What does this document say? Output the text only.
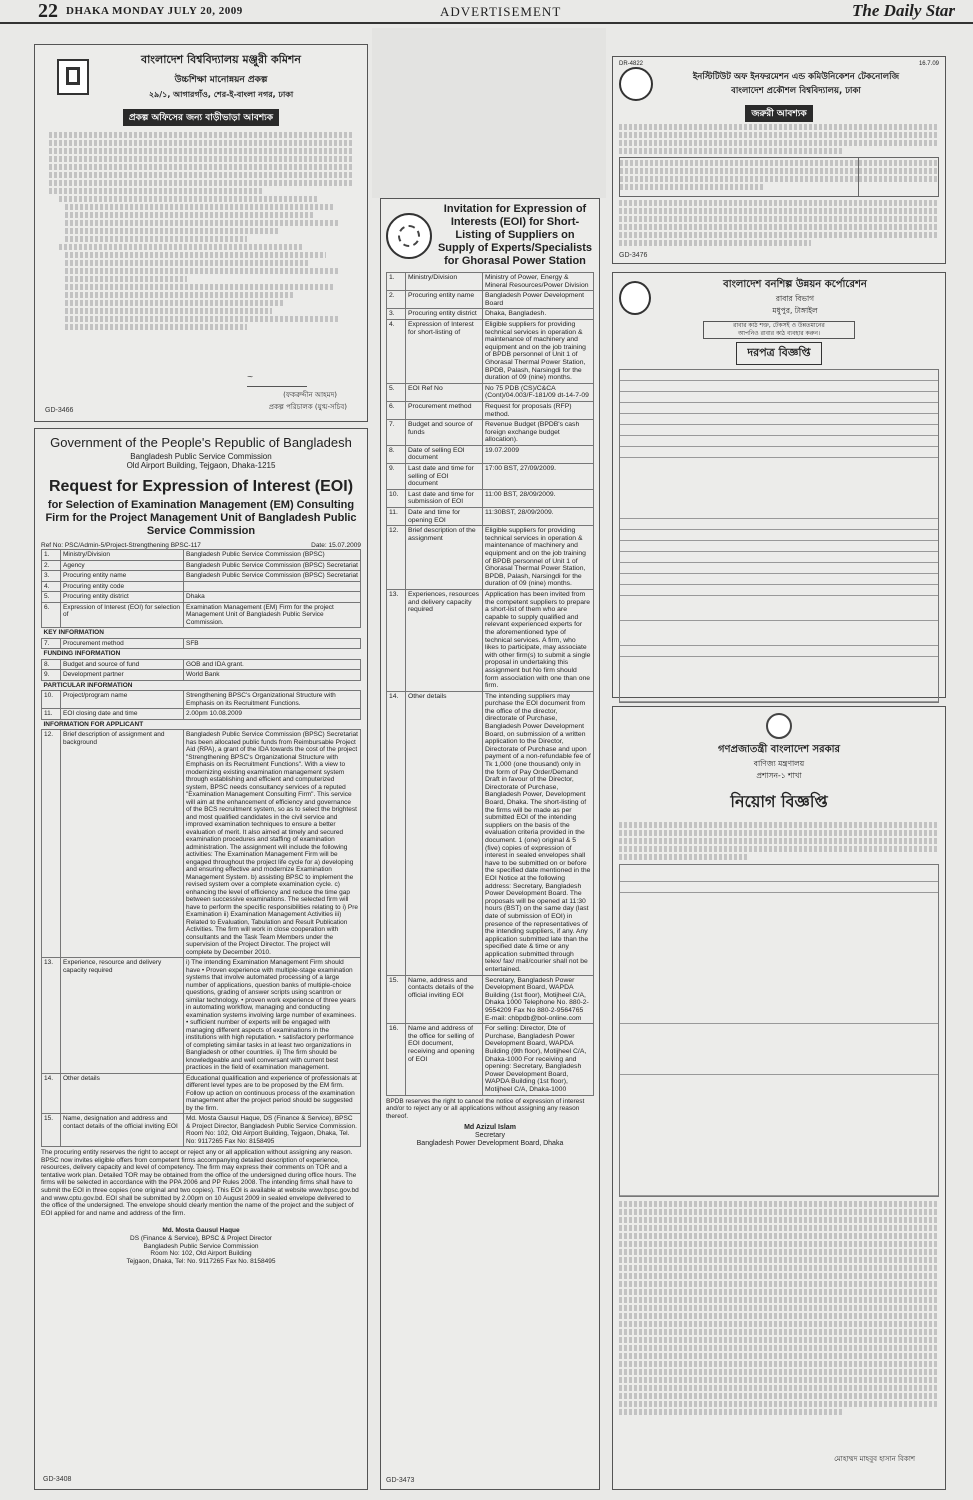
22 DHAKA MONDAY JULY 20, 2009	ADVERTISEMENT	The Daily Star
বাংলাদেশ বিশ্ববিদ্যালয় মঞ্জুরী কমিশন
উচ্চশিক্ষা মানোন্নয়ন প্রকল্প
২৯/১, আগারগাঁও, শের-ই-বাংলা নগর, ঢাকা
প্রকল্প অফিসের জন্য বাড়ীভাড়া আবশ্যক
~
(ফকরুদ্দীন আহমদ)
প্রকল্প পরিচালক (যুগ্ম-সচিব)
GD-3466
Government of the People's Republic of Bangladesh
Bangladesh Public Service Commission
Old Airport Building, Tejgaon, Dhaka-1215
Request for Expression of Interest (EOI)
for Selection of Examination Management (EM) Consulting Firm for the Project Management Unit of Bangladesh Public Service Commission
Ref No: PSC/Admin-5/Project-Strengthening BPSC-117	Date: 15.07.2009
1.	Ministry/Division	Bangladesh Public Service Commission (BPSC)
2.	Agency	Bangladesh Public Service Commission (BPSC) Secretariat
3.	Procuring entity name	Bangladesh Public Service Commission (BPSC) Secretariat
4.	Procuring entity code	
5.	Procuring entity district	Dhaka
6.	Expression of Interest (EOI) for selection of	Examination Management (EM) Firm for the project Management Unit of Bangladesh Public Service Commission.
KEY INFORMATION		
7.	Procurement method	SFB
FUNDING INFORMATION		
8.	Budget and source of fund	GOB and IDA grant.
9.	Development partner	World Bank
PARTICULAR INFORMATION		
10.	Project/program name	Strengthening BPSC's Organizational Structure with Emphasis on its Recruitment Functions.
11.	EOI closing date and time	2.00pm 10.08.2009
INFORMATION FOR APPLICANT		
12.	Brief description of assignment and background	Bangladesh Public Service Commission (BPSC) Secretariat has been allocated public funds from Reimbursable Project Aid (RPA), a grant of the IDA towards the cost of the project "Strengthening BPSC's Organizational Structure with Emphasis on its Recruitment Functions". With a view to modernizing existing examination management system through establishing and efficient and computerized system, BPSC needs consultancy services of a reputed "Examination Management Consulting Firm". This service will aim at the enhancement of efficiency and governance of the BCS recruitment system, so as to select the brightest and most qualified candidates in the civil service and improved examination techniques to ensure a better evaluation of merit. It also aimed at timely and secured examination procedures and staffing of examination administration. The assignment will include the following activities: The Examination Management Firm will be engaged throughout the project life cycle for a) developing and ensuring effective and modernize Examination Management System. b) assisting BPSC to implement the revised system over a complete examination cycle. c) enhancing the level of efficiency and reduce the time gap between successive examinations. The selected firm will have to perform the specific responsibilities relating to i) Pre Examination ii) Examination Management Activities iii) Related to Evaluation, Tabulation and Result Publication Activities. The firm will work in close cooperation with consultants and the Task Team Members under the supervision of the Project Director. The project will complete by December 2010.
13.	Experience, resource and delivery capacity required	i) The intending Examination Management Firm should have • Proven experience with multiple-stage examination systems that involve automated processing of a large number of applications, question banks of multiple-choice questions, grading of answer scripts using scantron or similar technology. • proven work experience of three years in automating workflow, managing and conducting examination systems involving large number of examinees. • sufficient number of experts will be engaged with managing different aspects of examinations in the institutions with high reputation. • satisfactory performance of completing similar tasks in at least two organizations in Bangladesh or other countries. ii) The firm should be knowledgeable and well conversant with current best practices in the field of examination management.
14.	Other details	Educational qualification and experience of professionals at different level types are to be proposed by the EM firm. Follow up action on continuous process of the examination management after the project period should be suggested by the firm.
15.	Name, designation and address and contact details of the official inviting EOI	Md. Mosta Gausul Haque, DS (Finance & Service), BPSC & Project Director, Bangladesh Public Service Commission. Room No: 102, Old Airport Building, Tejgaon, Dhaka, Tel. No: 9117265 Fax No: 8158495
The procuring entity reserves the right to accept or reject any or all application without assigning any reason. BPSC now invites eligible offers from competent firms accompanying detailed description of experience, resources, delivery capacity and level of competency. The firm may express their comments on TOR and a tentative work plan. Detailed TOR may be obtained from the office of the undersigned during office hours. The firms will be selected in accordance with the PPA 2006 and PP Rules 2008. The intending firms shall have to submit the EOI in three copies (one original and two copies). This EOI is available at website www.bpsc.gov.bd and www.cptu.gov.bd. EOI shall be submitted by 2.00pm on 10 August 2009 in sealed envelope delivered to the office of the undersigned. The envelope should clearly mention the name of the project and the subject of EOI applied for and name and address of the firm.
Md. Mosta Gausul Haque
DS (Finance & Service), BPSC & Project Director
Bangladesh Public Service Commission
Room No: 102, Old Airport Building
Tejgaon, Dhaka, Tel: No. 9117265 Fax No. 8158495
GD-3408
Invitation for Expression of Interests (EOI) for Short-Listing of Suppliers on Supply of Experts/Specialists for Ghorasal Power Station
1.	Ministry/Division	Ministry of Power, Energy & Mineral Resources/Power Division
2.	Procuring entity name	Bangladesh Power Development Board
3.	Procuring entity district	Dhaka, Bangladesh.
4.	Expression of Interest for short-listing of	Eligible suppliers for providing technical services in operation & maintenance of machinery and equipment and on the job training of BPDB personnel of Unit 1 of Ghorasal Thermal Power Station, BPDB, Palash, Narsingdi for the duration of 09 (nine) months.
5.	EOI Ref No	No 75 PDB (CS)/C&CA (Cont)/04.003/F-181/09 dt-14-7-09
6.	Procurement method	Request for proposals (RFP) method.
7.	Budget and source of funds	Revenue Budget (BPDB's cash foreign exchange budget allocation).
8.	Date of selling EOI document	19.07.2009
9.	Last date and time for selling of EOI document	17:00 BST, 27/09/2009.
10.	Last date and time for submission of EOI	11:00 BST, 28/09/2009.
11.	Date and time for opening EOI	11:30BST, 28/09/2009.
12.	Brief description of the assignment	Eligible suppliers for providing technical services in operation & maintenance of machinery and equipment and on the job training of BPDB personnel of Unit 1 of Ghorasal Thermal Power Station, BPDB, Palash, Narsingdi for the duration of 09 (nine) months.
13.	Experiences, resources and delivery capacity required	Application has been invited from the competent suppliers to prepare a short-list of them who are capable to supply qualified and relevant experienced experts for the aforementioned type of technical services. A firm, who likes to participate, may associate with other firm(s) to submit a single proposal in undertaking this assignment but No firm should form association with one than one firm.
14.	Other details	The intending suppliers may purchase the EOI document from the office of the director, directorate of Purchase, Bangladesh Power Development Board, on submission of a written application to the Director, Directorate of Purchase and upon payment of a non-refundable fee of Tk 1,000 (one thousand) only in the form of Pay Order/Demand Draft in favour of the Director, Directorate of Purchase, Bangladesh Power, Development Board, Dhaka. The short-listing of the firms will be made as per submitted EOI of the intending suppliers on the basis of the evaluation criteria provided in the document. 1 (one) original & 5 (five) copies of expression of interest in sealed envelopes shall have to be submitted on or before the specified date mentioned in the EOI Notice at the following address: Secretary, Bangladesh Power Development Board. The proposals will be opened at 11:30 hours (BST) on the same day (last date of submission of EOI) in presence of the representatives of the intending suppliers, if any. Any application submitted late than the specified date & time or any application submitted through telex/ fax/ mail/courier shall not be entertained.
15.	Name, address and contacts details of the official inviting EOI	Secretary, Bangladesh Power Development Board, WAPDA Building (1st floor), Motijheel C/A, Dhaka 1000 Telephone No. 880-2-9554209 Fax No 880-2-9564765 E-mail: chbpdb@bol-online.com
16.	Name and address of the office for selling of EOI document, receiving and opening of EOI	For selling: Director, Dte of Purchase, Bangladesh Power Development Board, WAPDA Building (9th floor), Motijheel C/A, Dhaka-1000 For receiving and opening: Secretary, Bangladesh Power Development Board, WAPDA Building (1st floor), Motijheel C/A, Dhaka-1000
BPDB reserves the right to cancel the notice of expression of interest and/or to reject any or all applications without assigning any reason thereof.
Md Azizul Islam
Secretary
Bangladesh Power Development Board, Dhaka
GD-3473
DR-4822	16.7.09
ইনস্টিটিউট অফ ইনফরমেশন এন্ড কমিউনিকেশন টেকনোলজি
বাংলাদেশ প্রকৌশল বিশ্ববিদ্যালয়, ঢাকা
জরুরী আবশ্যক
GD-3476
বাংলাদেশ বনশিল্প উন্নয়ন কর্পোরেশন
রাবার বিভাগ
মধুপুর, টাঙ্গাইল
রাবার কাঠ শক্ত, টেকসই ও উন্নতমানের
আপনিও রাবার কাঠ ব্যবহার করুন।
দরপত্র বিজ্ঞপ্তি
গণপ্রজাতন্ত্রী বাংলাদেশ সরকার
বাণিজ্য মন্ত্রণালয়
প্রশাসন-১ শাখা
নিয়োগ বিজ্ঞপ্তি
মোহাম্মদ মাহবুব হাসান বিকাশ
